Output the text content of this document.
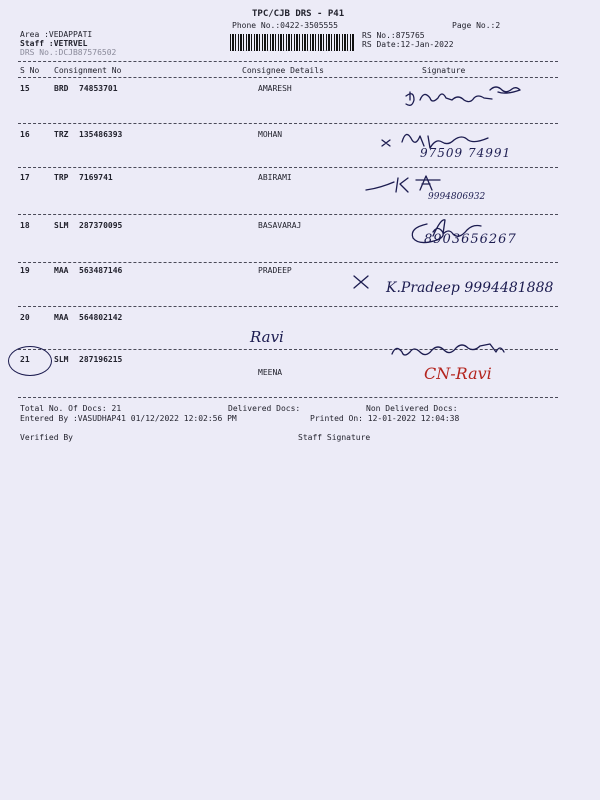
TPC/CJB DRS - P41
Phone No.:0422-3505555	Page No.:2
Area :VEDAPPATI
Staff :VETRVEL
DRS No.:DCJB87576502
RS No.:875765
RS Date:12-Jan-2022
S No Consignment No	Consignee Details	Signature
15	BRD 74853701	AMARESH
16	TRZ 135486393	MOHAN
97509 74991
17	TRP 7169741	ABIRAMI
9994806932
18	SLM 287370095	BASAVARAJ
8903656267
19	MAA 563487146	PRADEEP
K.Pradeep 9994481888
20	MAA 564802142
Ravi
21	SLM 287196215
MEENA	CN-Ravi
Total No. Of Docs: 21	Delivered Docs:	Non Delivered Docs:
Entered By :VASUDHAP41 01/12/2022 12:02:56 PM	Printed On: 12-01-2022 12:04:38
Verified By	Staff Signature
